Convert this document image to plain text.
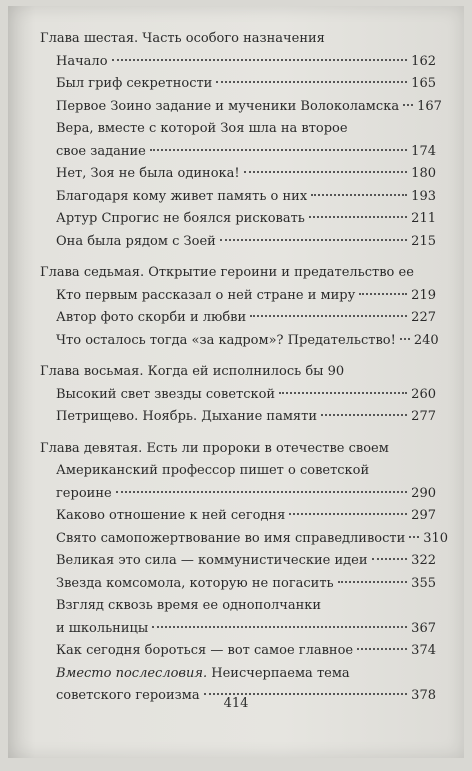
Глава шестая. Часть особого назначения
Начало	162
Был гриф секретности	165
Первое Зоино задание и мученики Волоколамска 167
Вера, вместе с которой Зоя шла на второе
свое задание	174
Нет, Зоя не была одинока!	180
Благодаря кому живет память о них	193
Артур Спрогис не боялся рисковать	211
Она была рядом с Зоей	215
Глава седьмая. Открытие героини и предательство ее
Кто первым рассказал о ней стране и миру	219
Автор фото скорби и любви	227
Что осталось тогда «за кадром»? Предательство! 240
Глава восьмая. Когда ей исполнилось бы 90
Высокий свет звезды советской	260
Петрищево. Ноябрь. Дыхание памяти	277
Глава девятая. Есть ли пророки в отечестве своем
Американский профессор пишет о советской
героине	290
Каково отношение к ней сегодня	297
Свято самопожертвование во имя справедливости 310
Великая это сила — коммунистические идеи	322
Звезда комсомола, которую не погасить	355
Взгляд сквозь время ее однополчанки
и школьницы	367
Как сегодня бороться — вот самое главное	374
Вместо послесловия. Неисчерпаема тема
советского героизма	378
414
